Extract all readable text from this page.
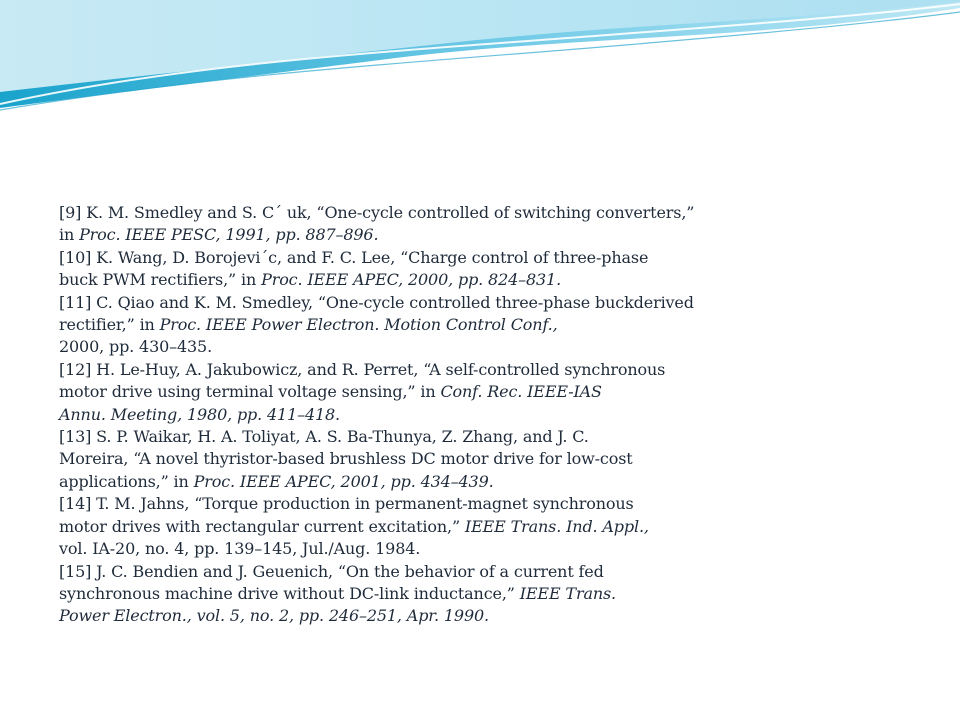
[9] K. M. Smedley and S. C´ uk, “One-cycle controlled of switching converters,”
in Proc. IEEE PESC, 1991, pp. 887–896.
[10] K. Wang, D. Borojevi´c, and F. C. Lee, “Charge control of three-phase
buck PWM rectifiers,” in Proc. IEEE APEC, 2000, pp. 824–831.
[11] C. Qiao and K. M. Smedley, “One-cycle controlled three-phase buckderived
rectifier,” in Proc. IEEE Power Electron. Motion Control Conf.,
2000, pp. 430–435.
[12] H. Le-Huy, A. Jakubowicz, and R. Perret, “A self-controlled synchronous
motor drive using terminal voltage sensing,” in Conf. Rec. IEEE-IAS
Annu. Meeting, 1980, pp. 411–418.
[13] S. P. Waikar, H. A. Toliyat, A. S. Ba-Thunya, Z. Zhang, and J. C.
Moreira, “A novel thyristor-based brushless DC motor drive for low-cost
applications,” in Proc. IEEE APEC, 2001, pp. 434–439.
[14] T. M. Jahns, “Torque production in permanent-magnet synchronous
motor drives with rectangular current excitation,” IEEE Trans. Ind. Appl.,
vol. IA-20, no. 4, pp. 139–145, Jul./Aug. 1984.
[15] J. C. Bendien and J. Geuenich, “On the behavior of a current fed
synchronous machine drive without DC-link inductance,” IEEE Trans.
Power Electron., vol. 5, no. 2, pp. 246–251, Apr. 1990.
